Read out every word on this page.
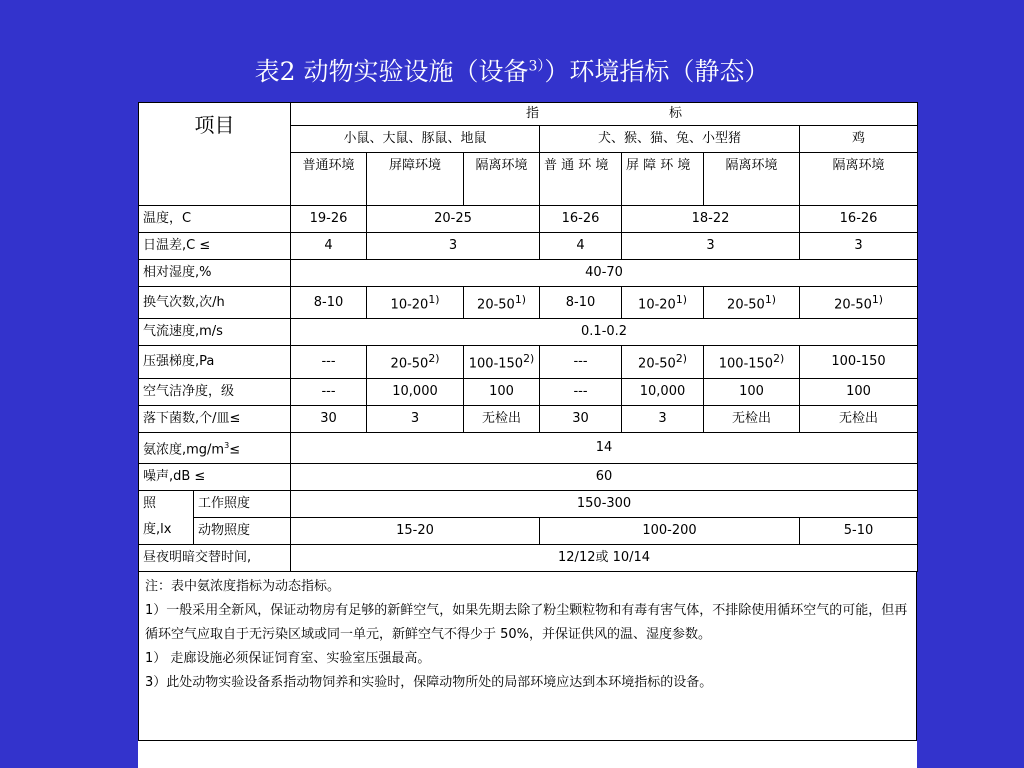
表2 动物实验设施（设备$^{3)}$）环境指标（静态）
项目		指 标						
		小鼠、大鼠、豚鼠、地鼠			犬、猴、猫、兔、小型猪			鸡
		普通环境	屏障环境	隔离环境	普 通 环 境	屏 障 环 境	隔离环境	隔离环境
温度，C		19-26	20-25		16-26	18-22		16-26
日温差,C ≤		4	3		4	3		3
相对湿度,%		40-70						
换气次数,次/h		8-10	10-20$^{1)}$	20-50$^{1)}$	8-10	10-20$^{1)}$	20-50$^{1)}$	20-50$^{1)}$
气流速度,m/s		0.1-0.2						
压强梯度,Pa		---	20-50$^{2)}$	100-150$^{2)}$	---	20-50$^{2)}$	100-150$^{2)}$	100-150
空气洁净度，级		---	10,000	100	---	10,000	100	100
落下菌数,个/皿≤		30	3	无检出	30	3	无检出	无检出
氨浓度$,mg/m^3\le$		14						
噪声,dB ≤		60						

照
度,lx	工作照度	150-300						
	动物照度	15-20			100-200			5-10
昼夜明暗交替时间,		12/12或 10/14						
注：表中氨浓度指标为动态指标。
1）一般采用全新风，保证动物房有足够的新鲜空气，如果先期去除了粉尘颗粒物和有毒有害气体，不排除使用循环空气的可能，但再循环空气应取自于无污染区域或同一单元，新鲜空气不得少于 50%，并保证供风的温、湿度参数。
1） 走廊设施必须保证饲育室、实验室压强最高。
3）此处动物实验设备系指动物饲养和实验时，保障动物所处的局部环境应达到本环境指标的设备。
